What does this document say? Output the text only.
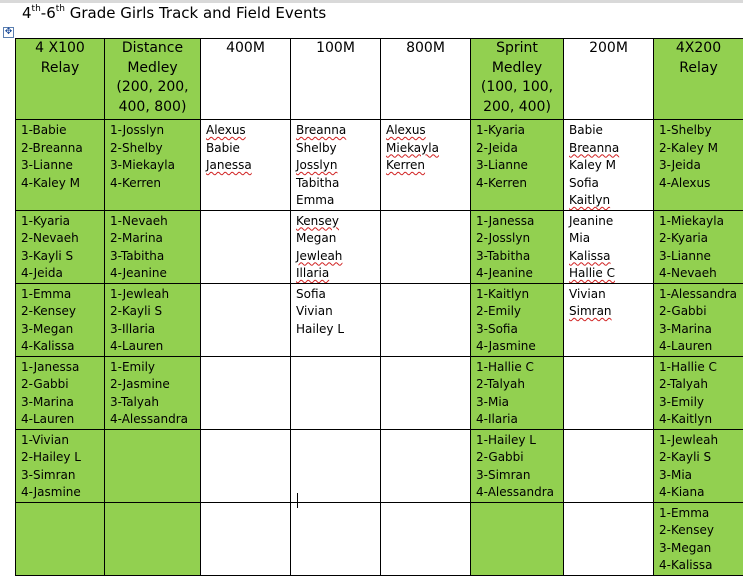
4th-6th Grade Girls Track and Field Events
✥
4 X100
Relay	Distance
Medley
(200, 200,
400, 800)	400M	100M	800M	Sprint
Medley
(100, 100,
200, 400)	200M	4X200
Relay

1-Babie
2-Breanna
3-Lianne
4-Kaley M	1-Josslyn
2-Shelby
3-Miekayla
4-Kerren	Alexus
Babie
Janessa	Breanna
Shelby
Josslyn
Tabitha
Emma	Alexus
Miekayla
Kerren	1-Kyaria
2-Jeida
3-Lianne
4-Kerren	Babie
Breanna
Kaley M
Sofia
Kaitlyn	1-Shelby
2-Kaley M
3-Jeida
4-Alexus

1-Kyaria
2-Nevaeh
3-Kayli S
4-Jeida	1-Nevaeh
2-Marina
3-Tabitha
4-Jeanine		Kensey
Megan
Jewleah
Illaria		1-Janessa
2-Josslyn
3-Tabitha
4-Jeanine	Jeanine
Mia
Kalissa
Hallie C	1-Miekayla
2-Kyaria
3-Lianne
4-Nevaeh

1-Emma
2-Kensey
3-Megan
4-Kalissa	1-Jewleah
2-Kayli S
3-Illaria
4-Lauren		Sofia
Vivian
Hailey L		1-Kaitlyn
2-Emily
3-Sofia
4-Jasmine	Vivian
Simran	1-Alessandra
2-Gabbi
3-Marina
4-Lauren

1-Janessa
2-Gabbi
3-Marina
4-Lauren	1-Emily
2-Jasmine
3-Talyah
4-Alessandra				1-Hallie C
2-Talyah
3-Mia
4-Ilaria		1-Hallie C
2-Talyah
3-Emily
4-Kaitlyn

1-Vivian
2-Hailey L
3-Simran
4-Jasmine					1-Hailey L
2-Gabbi
3-Simran
4-Alessandra		1-Jewleah
2-Kayli S
3-Mia
4-Kiana

							1-Emma
2-Kensey
3-Megan
4-Kalissa
